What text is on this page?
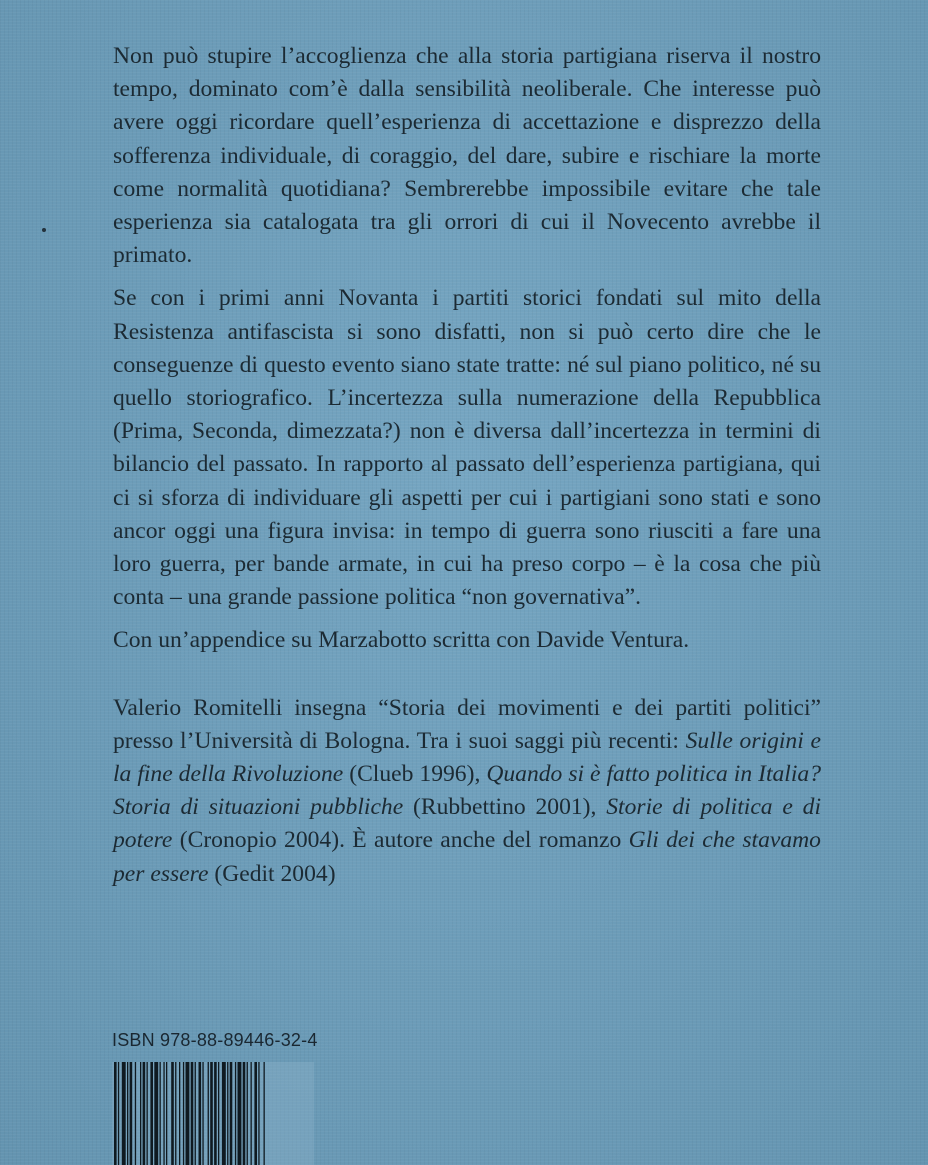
Non può stupire l’accoglienza che alla storia partigiana riserva il nostro tempo, dominato com’è dalla sensibilità neoliberale. Che interesse può avere oggi ricordare quell’esperienza di accettazione e disprezzo della sofferenza individuale, di coraggio, del dare, subire e rischiare la morte come normalità quotidiana? Sembrerebbe impossibile evitare che tale esperienza sia catalogata tra gli orrori di cui il Novecento avrebbe il primato.

Se con i primi anni Novanta i partiti storici fondati sul mito della Resistenza antifascista si sono disfatti, non si può certo dire che le conseguenze di questo evento siano state tratte: né sul piano politico, né su quello storiografico. L’incertezza sulla numerazione della Repubblica (Prima, Seconda, dimezzata?) non è diversa dall’incertezza in termini di bilancio del passato. In rapporto al passato dell’esperienza partigiana, qui ci si sforza di individuare gli aspetti per cui i partigiani sono stati e sono ancor oggi una figura invisa: in tempo di guerra sono riusciti a fare una loro guerra, per bande armate, in cui ha preso corpo – è la cosa che più conta – una grande passione politica “non governativa”.

Con un’appendice su Marzabotto scritta con Davide Ventura.

Valerio Romitelli insegna “Storia dei movimenti e dei partiti politici” presso l’Università di Bologna. Tra i suoi saggi più recenti: Sulle origini e la fine della Rivoluzione (Clueb 1996), Quando si è fatto politica in Italia? Storia di situazioni pubbliche (Rubbettino 2001), Storie di politica e di potere (Cronopio 2004). È autore anche del romanzo Gli dei che stavamo per essere (Gedit 2004)

ISBN 978-88-89446-32-4
